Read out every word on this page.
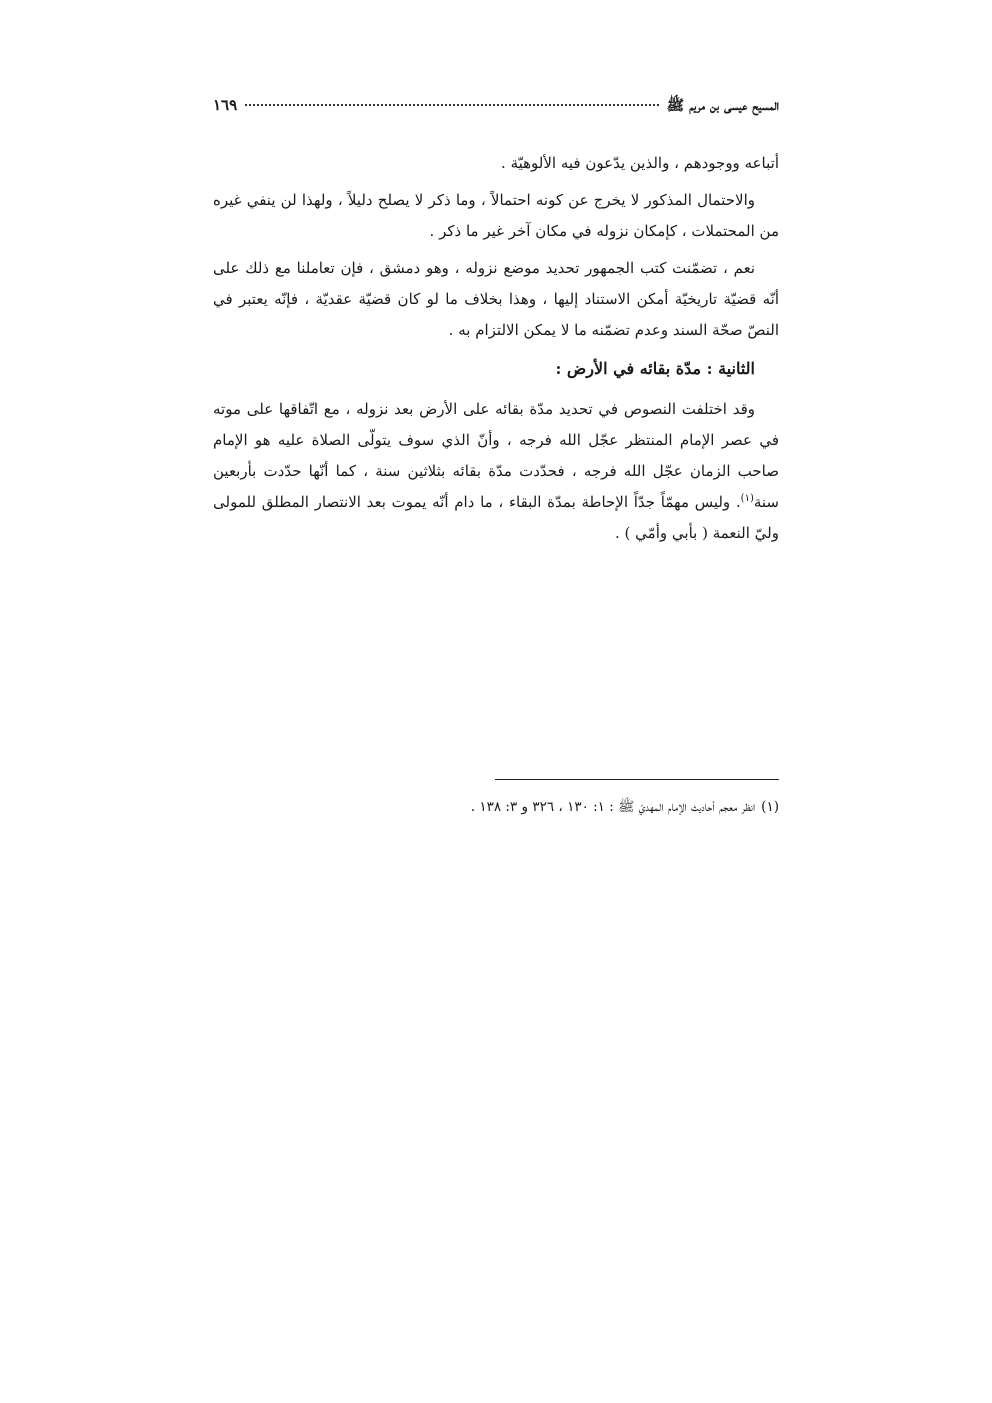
المسيح عيسى بن مريم ﷺ
١٦٩

أتباعه ووجودهم ، والذين يدّعون فيه الألوهيّة .

والاحتمال المذكور لا يخرج عن كونه احتمالاً ، وما ذكر لا يصلح دليلاً ، ولهذا لن ينفي غيره من المحتملات ، كإمكان نزوله في مكان آخر غير ما ذكر .

نعم ، تضمّنت كتب الجمهور تحديد موضع نزوله ، وهو دمشق ، فإن تعاملنا مع ذلك على أنّه قضيّة تاريخيّة أمكن الاستناد إليها ، وهذا بخلاف ما لو كان قضيّة عقديّة ، فإنّه يعتبر في النصّ صحّة السند وعدم تضمّنه ما لا يمكن الالتزام به .

الثانية : مدّة بقائه في الأرض :

وقد اختلفت النصوص في تحديد مدّة بقائه على الأرض بعد نزوله ، مع اتّفاقها على موته في عصر الإمام المنتظر عجّل الله فرجه ، وأنّ الذي سوف يتولّى الصلاة عليه هو الإمام صاحب الزمان عجّل الله فرجه ، فحدّدت مدّة بقائه بثلاثين سنة ، كما أنّها حدّدت بأربعين سنة$^{(١)}$. وليس مهمّاً جدّاً الإحاطة بمدّة البقاء ، ما دام أنّه يموت بعد الانتصار المطلق للمولى وليّ النعمة ( بأبي وأمّي ) .

(١)انظر معجم أحاديث الإمام المهديّ ﷺ : ١: ١٣٠ ، ٣٢٦ و ٣: ١٣٨ .
